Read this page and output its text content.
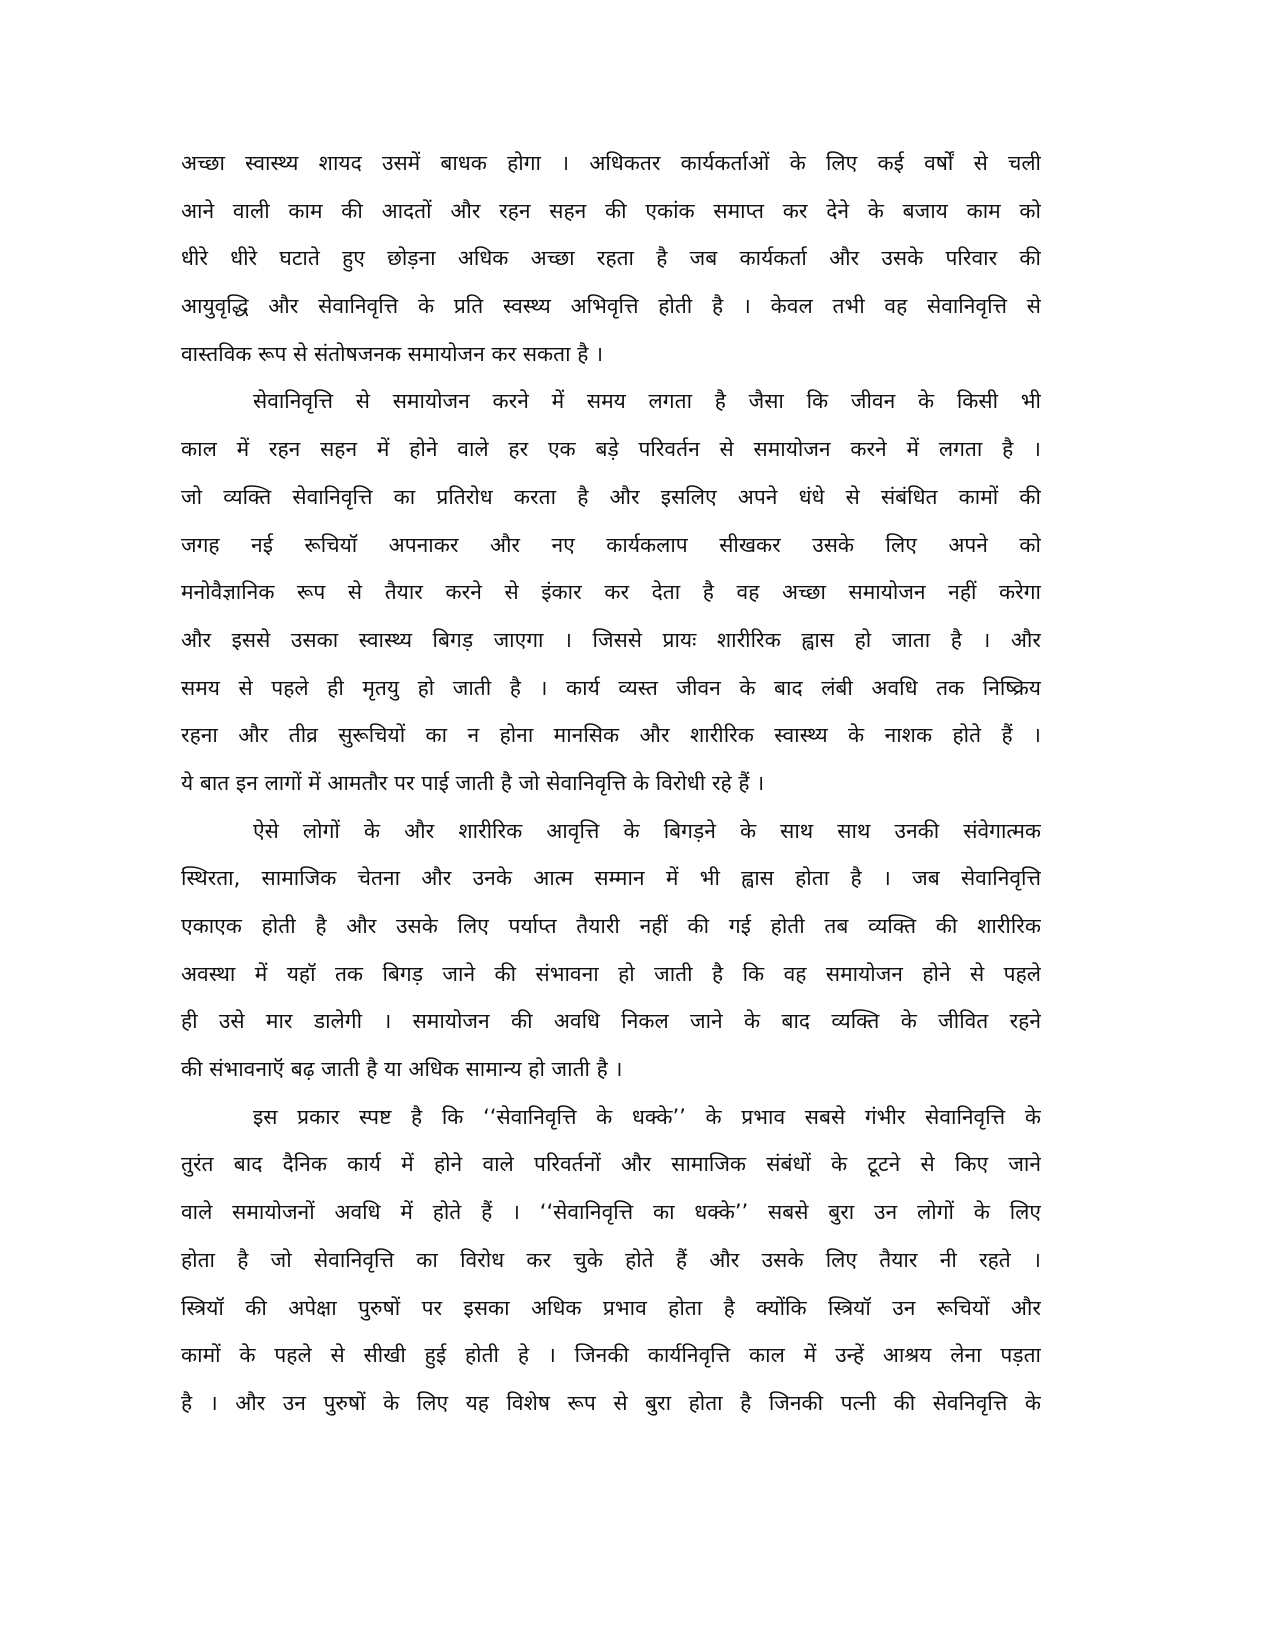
अच्छा स्वास्थ्य शायद उसमें बाधक होगा । अधिकतर कार्यकर्ताओं के लिए कई वर्षों से चली
आने वाली काम की आदतों और रहन सहन की एकांक समाप्त कर देने के बजाय काम को
धीरे धीरे घटाते हुए छोड़ना अधिक अच्छा रहता है जब कार्यकर्ता और उसके परिवार की
आयुवृद्धि और सेवानिवृत्ति के प्रति स्वस्थ्य अभिवृत्ति होती है । केवल तभी वह सेवानिवृत्ति से
वास्तविक रूप से संतोषजनक समायोजन कर सकता है ।
सेवानिवृत्ति से समायोजन करने में समय लगता है जैसा कि जीवन के किसी भी
काल में रहन सहन में होने वाले हर एक बड़े परिवर्तन से समायोजन करने में लगता है ।
जो व्यक्ति सेवानिवृत्ति का प्रतिरोध करता है और इसलिए अपने धंधे से संबंधित कामों की
जगह नई रूचियॉ अपनाकर और नए कार्यकलाप सीखकर उसके लिए अपने को
मनोवैज्ञानिक रूप से तैयार करने से इंकार कर देता है वह अच्छा समायोजन नहीं करेगा
और इससे उसका स्वास्थ्य बिगड़ जाएगा । जिससे प्रायः शारीरिक ह्वास हो जाता है । और
समय से पहले ही मृतयु हो जाती है । कार्य व्यस्त जीवन के बाद लंबी अवधि तक निष्क्रिय
रहना और तीव्र सुरूचियों का न होना मानसिक और शारीरिक स्वास्थ्य के नाशक होते हैं ।
ये बात इन लागों में आमतौर पर पाई जाती है जो सेवानिवृत्ति के विरोधी रहे हैं ।
ऐसे लोगों के और शारीरिक आवृत्ति के बिगड़ने के साथ साथ उनकी संवेगात्मक
स्थिरता, सामाजिक चेतना और उनके आत्म सम्मान में भी ह्वास होता है । जब सेवानिवृत्ति
एकाएक होती है और उसके लिए पर्याप्त तैयारी नहीं की गई होती तब व्यक्ति की शारीरिक
अवस्था में यहॉ तक बिगड़ जाने की संभावना हो जाती है कि वह समायोजन होने से पहले
ही उसे मार डालेगी । समायोजन की अवधि निकल जाने के बाद व्यक्ति के जीवित रहने
की संभावनाऍ बढ़ जाती है या अधिक सामान्य हो जाती है ।
इस प्रकार स्पष्ट है कि ‘‘सेवानिवृत्ति के धक्के’’ के प्रभाव सबसे गंभीर सेवानिवृत्ति के
तुरंत बाद दैनिक कार्य में होने वाले परिवर्तनों और सामाजिक संबंधों के टूटने से किए जाने
वाले समायोजनों अवधि में होते हैं । ‘‘सेवानिवृत्ति का धक्के’’ सबसे बुरा उन लोगों के लिए
होता है जो सेवानिवृत्ति का विरोध कर चुके होते हैं और उसके लिए तैयार नी रहते ।
स्त्रियॉ की अपेक्षा पुरुषों पर इसका अधिक प्रभाव होता है क्योंकि स्त्रियॉ उन रूचियों और
कामों के पहले से सीखी हुई होती हे । जिनकी कार्यनिवृत्ति काल में उन्हें आश्रय लेना पड़ता
है । और उन पुरुषों के लिए यह विशेष रूप से बुरा होता है जिनकी पत्नी की सेवनिवृत्ति के
